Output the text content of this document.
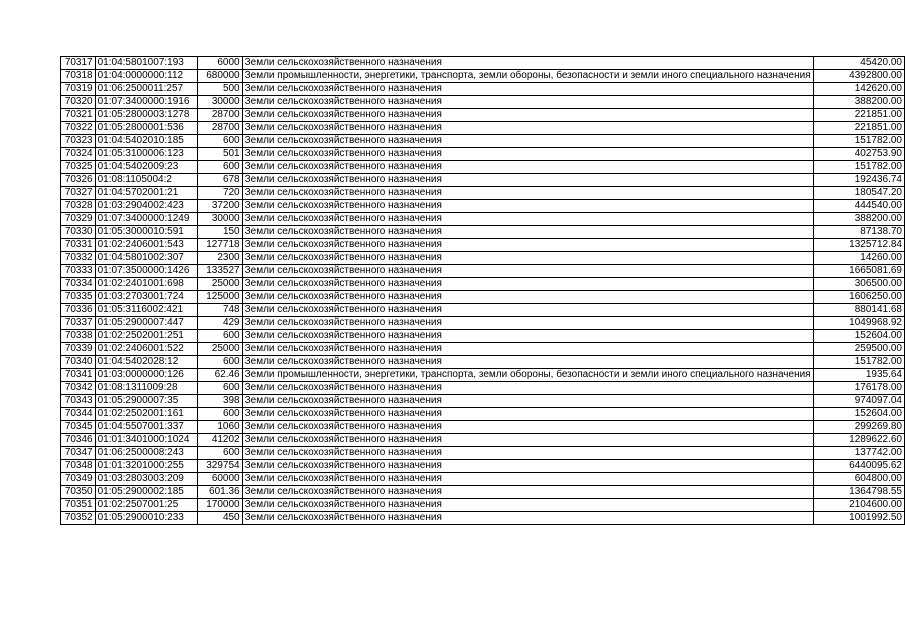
70317	01:04:5801007:193	6000	Земли сельскохозяйственного назначения	45420.00
70318	01:04:0000000:112	680000	Земли промышленности, энергетики, транспорта, земли обороны, безопасности и земли иного специального назначения	4392800.00
70319	01:06:2500011:257	500	Земли сельскохозяйственного назначения	142620.00
70320	01:07:3400000:1916	30000	Земли сельскохозяйственного назначения	388200.00
70321	01:05:2800003:1278	28700	Земли сельскохозяйственного назначения	221851.00
70322	01:05:2800001:536	28700	Земли сельскохозяйственного назначения	221851.00
70323	01:04:5402010:185	600	Земли сельскохозяйственного назначения	151782.00
70324	01:05:3100006:123	501	Земли сельскохозяйственного назначения	402753.90
70325	01:04:5402009:23	600	Земли сельскохозяйственного назначения	151782.00
70326	01:08:1105004:2	678	Земли сельскохозяйственного назначения	192436.74
70327	01:04:5702001:21	720	Земли сельскохозяйственного назначения	180547.20
70328	01:03:2904002:423	37200	Земли сельскохозяйственного назначения	444540.00
70329	01:07:3400000:1249	30000	Земли сельскохозяйственного назначения	388200.00
70330	01:05:3000010:591	150	Земли сельскохозяйственного назначения	87138.70
70331	01:02:2406001:543	127718	Земли сельскохозяйственного назначения	1325712.84
70332	01:04:5801002:307	2300	Земли сельскохозяйственного назначения	14260.00
70333	01:07:3500000:1426	133527	Земли сельскохозяйственного назначения	1665081.69
70334	01:02:2401001:698	25000	Земли сельскохозяйственного назначения	306500.00
70335	01:03:2703001:724	125000	Земли сельскохозяйственного назначения	1606250.00
70336	01:05:3116002:421	748	Земли сельскохозяйственного назначения	880141.68
70337	01:05:2900007:447	429	Земли сельскохозяйственного назначения	1049968.92
70338	01:02:2502001:251	600	Земли сельскохозяйственного назначения	152604.00
70339	01:02:2406001:522	25000	Земли сельскохозяйственного назначения	259500.00
70340	01:04:5402028:12	600	Земли сельскохозяйственного назначения	151782.00
70341	01:03:0000000:126	62.46	Земли промышленности, энергетики, транспорта, земли обороны, безопасности и земли иного специального назначения	1935.64
70342	01:08:1311009:28	600	Земли сельскохозяйственного назначения	176178.00
70343	01:05:2900007:35	398	Земли сельскохозяйственного назначения	974097.04
70344	01:02:2502001:161	600	Земли сельскохозяйственного назначения	152604.00
70345	01:04:5507001:337	1060	Земли сельскохозяйственного назначения	299269.80
70346	01:01:3401000:1024	41202	Земли сельскохозяйственного назначения	1289622.60
70347	01:06:2500008:243	600	Земли сельскохозяйственного назначения	137742.00
70348	01:01:3201000:255	329754	Земли сельскохозяйственного назначения	6440095.62
70349	01:03:2803003:209	60000	Земли сельскохозяйственного назначения	604800.00
70350	01:05:2900002:185	601.36	Земли сельскохозяйственного назначения	1364798.55
70351	01:02:2507001:25	170000	Земли сельскохозяйственного назначения	2104600.00
70352	01:05:2900010:233	450	Земли сельскохозяйственного назначения	1001992.50
